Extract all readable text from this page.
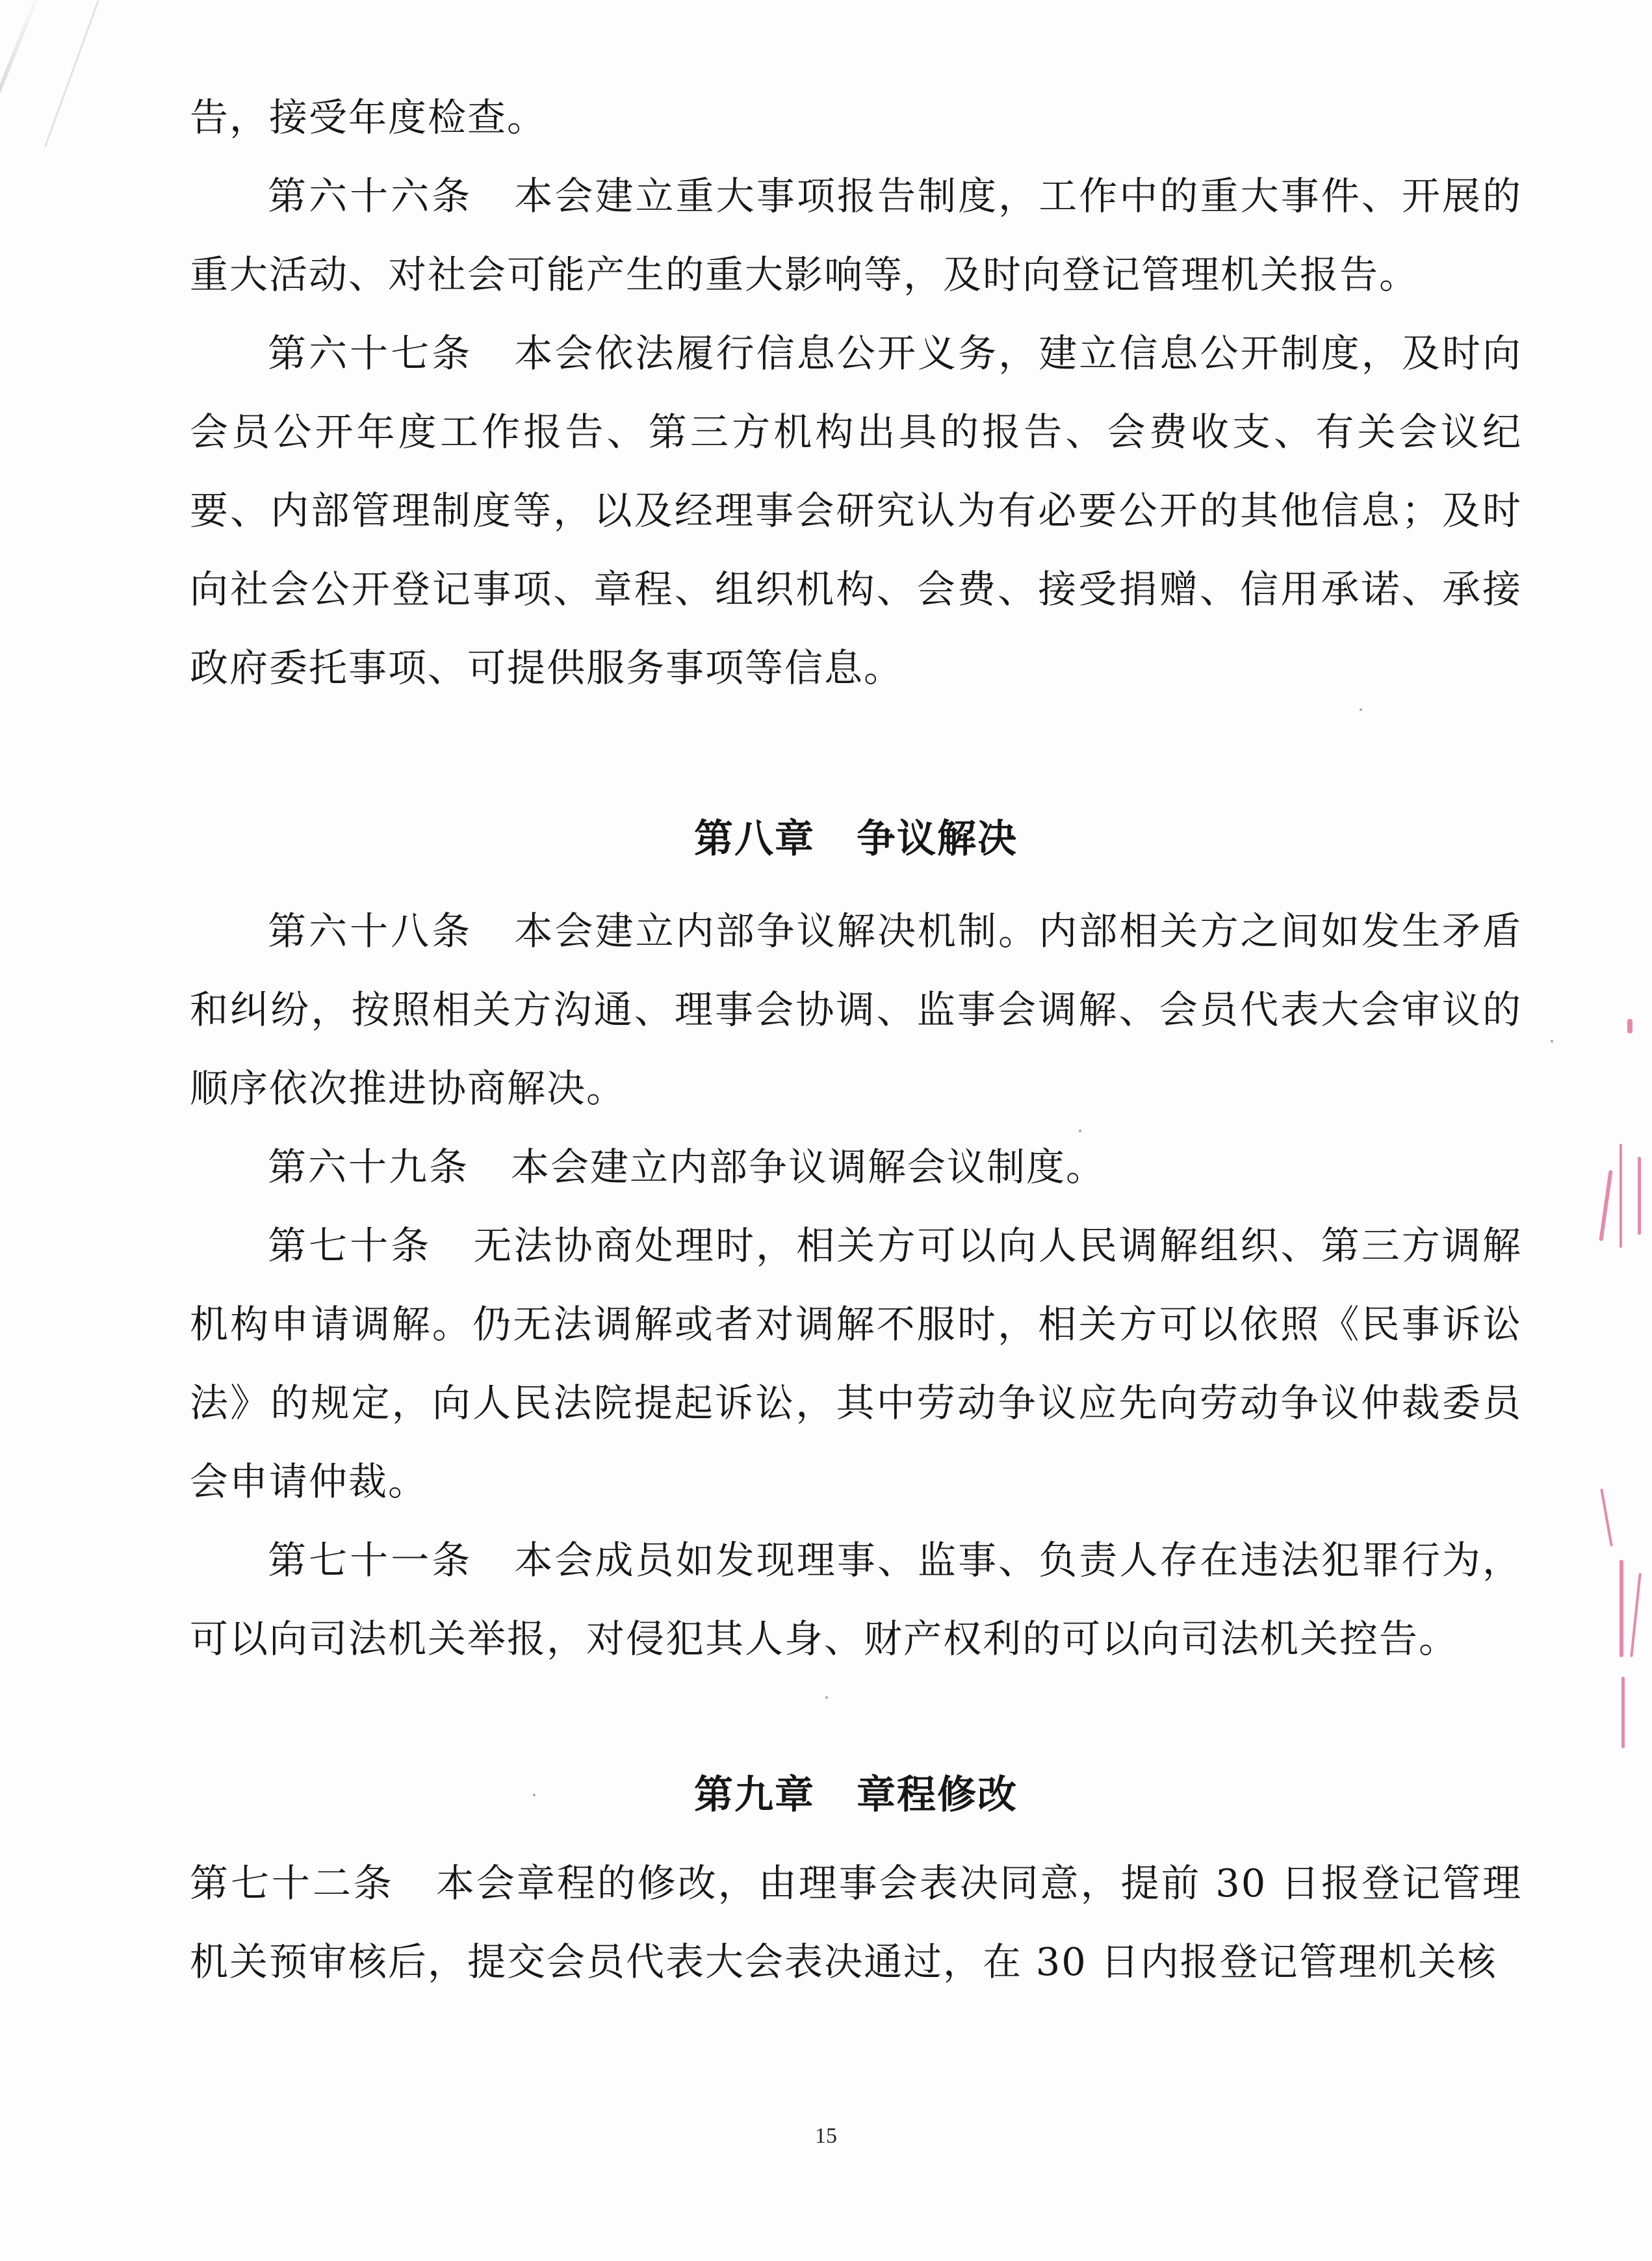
告，接受年度检查。

第六十六条 本会建立重大事项报告制度，工作中的重大事件、开展的重大活动、对社会可能产生的重大影响等，及时向登记管理机关报告。

第六十七条 本会依法履行信息公开义务，建立信息公开制度，及时向会员公开年度工作报告、第三方机构出具的报告、会费收支、有关会议纪要、内部管理制度等，以及经理事会研究认为有必要公开的其他信息；及时向社会公开登记事项、章程、组织机构、会费、接受捐赠、信用承诺、承接政府委托事项、可提供服务事项等信息。

第八章 争议解决

第六十八条 本会建立内部争议解决机制。内部相关方之间如发生矛盾和纠纷，按照相关方沟通、理事会协调、监事会调解、会员代表大会审议的顺序依次推进协商解决。

第六十九条 本会建立内部争议调解会议制度。

第七十条 无法协商处理时，相关方可以向人民调解组织、第三方调解机构申请调解。仍无法调解或者对调解不服时，相关方可以依照《民事诉讼法》的规定，向人民法院提起诉讼，其中劳动争议应先向劳动争议仲裁委员会申请仲裁。

第七十一条 本会成员如发现理事、监事、负责人存在违法犯罪行为，可以向司法机关举报，对侵犯其人身、财产权利的可以向司法机关控告。

第九章 章程修改

第七十二条 本会章程的修改，由理事会表决同意，提前 30 日报登记管理机关预审核后，提交会员代表大会表决通过，在 30 日内报登记管理机关核

15
